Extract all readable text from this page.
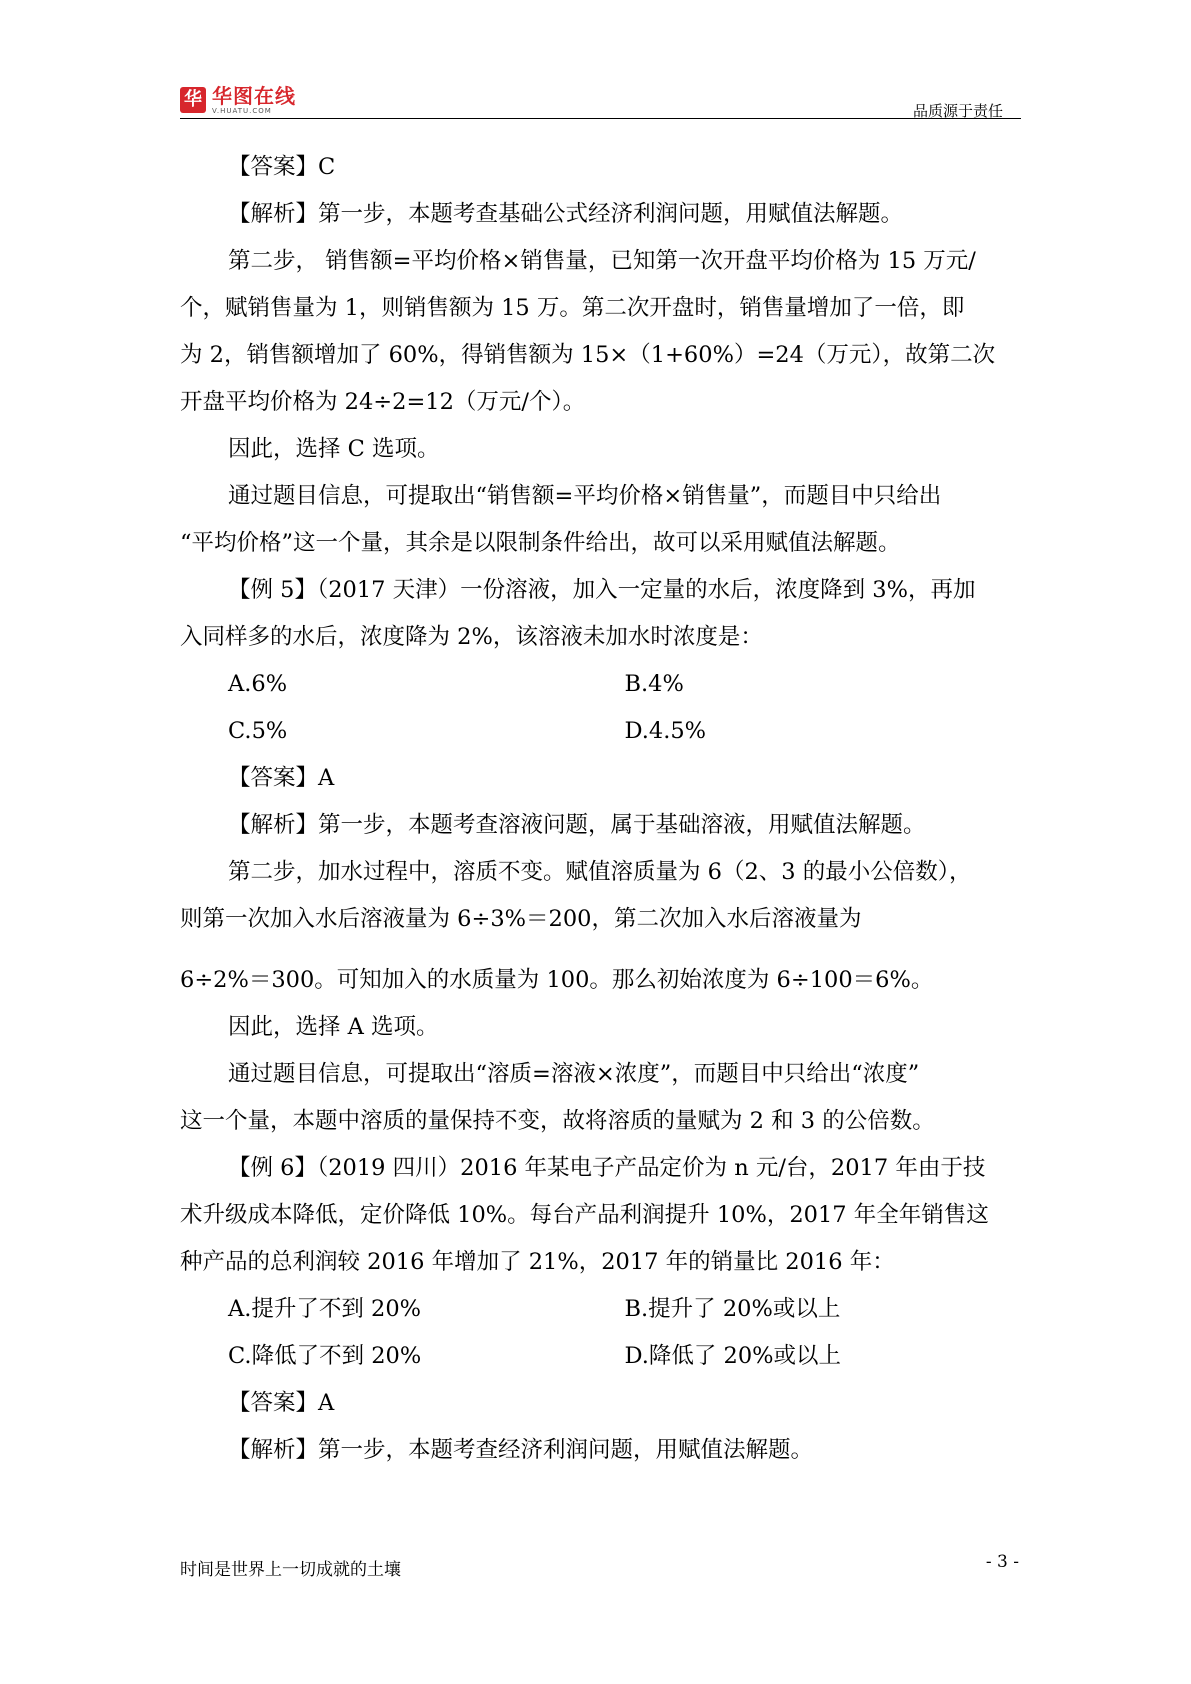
华 华图在线
V.HUATU.COM	品质源于责任
【答案】C
【解析】第一步，本题考查基础公式经济利润问题，用赋值法解题。
第二步， 销售额=平均价格×销售量，已知第一次开盘平均价格为 15 万元/
个，赋销售量为 1，则销售额为 15 万。第二次开盘时，销售量增加了一倍，即
为 2，销售额增加了 60%，得销售额为 15×（1+60%）=24（万元），故第二次
开盘平均价格为 24÷2=12（万元/个）。
因此，选择 C 选项。
通过题目信息，可提取出“销售额=平均价格×销售量”，而题目中只给出
“平均价格”这一个量，其余是以限制条件给出，故可以采用赋值法解题。
【例 5】（2017 天津）一份溶液，加入一定量的水后，浓度降到 3%，再加
入同样多的水后，浓度降为 2%，该溶液未加水时浓度是：
A.6%	B.4%
C.5%	D.4.5%
【答案】A
【解析】第一步，本题考查溶液问题，属于基础溶液，用赋值法解题。
第二步，加水过程中，溶质不变。赋值溶质量为 6（2、3 的最小公倍数），
则第一次加入水后溶液量为 6÷3%＝200，第二次加入水后溶液量为
6÷2%＝300。可知加入的水质量为 100。那么初始浓度为 6÷100＝6%。
因此，选择 A 选项。
通过题目信息，可提取出“溶质=溶液×浓度”，而题目中只给出“浓度”
这一个量，本题中溶质的量保持不变，故将溶质的量赋为 2 和 3 的公倍数。
【例 6】（2019 四川）2016 年某电子产品定价为 n 元/台，2017 年由于技
术升级成本降低，定价降低 10%。每台产品利润提升 10%，2017 年全年销售这
种产品的总利润较 2016 年增加了 21%，2017 年的销量比 2016 年：
A.提升了不到 20%	B.提升了 20%或以上
C.降低了不到 20%	D.降低了 20%或以上
【答案】A
【解析】第一步，本题考查经济利润问题，用赋值法解题。
时间是世界上一切成就的土壤	- 3 -
